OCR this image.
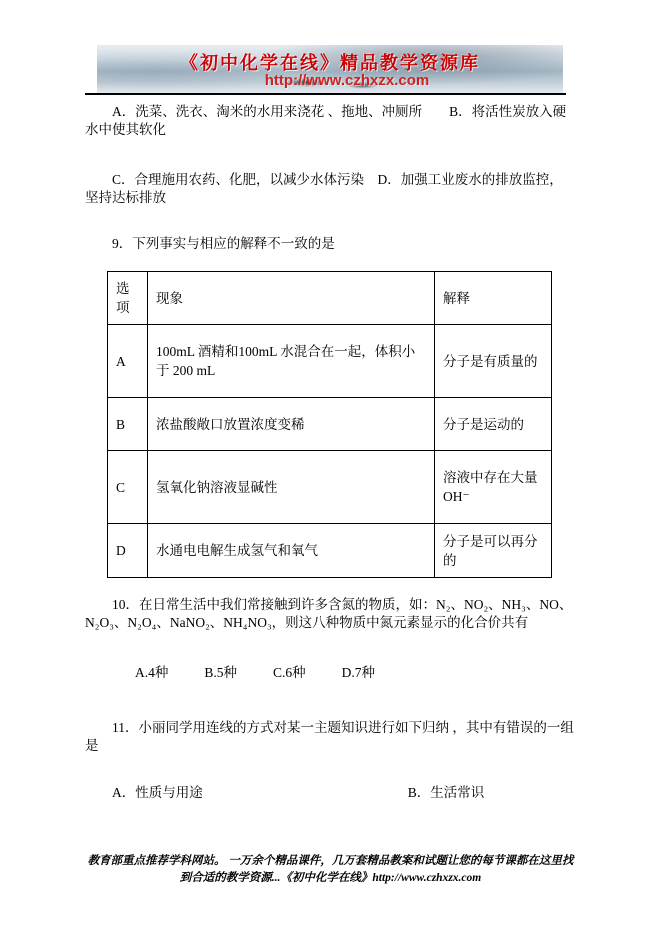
《初中化学在线》精品教学资源库
http://www.czhxzx.com

A．洗菜、洗衣、淘米的水用来浇花 、拖地、冲厕所　　B．将活性炭放入硬水中使其软化

C．合理施用农药、化肥，以减少水体污染　D．加强工业废水的排放监控，坚持达标排放

9．下列事实与相应的解释不一致的是

选项	现象	解释
A	100mL 酒精和100mL 水混合在一起，体积小于 200 mL	分子是有质量的
B	浓盐酸敞口放置浓度变稀	分子是运动的
C	氢氧化钠溶液显碱性	溶液中存在大量 OH⁻
D	水通电电解生成氢气和氧气	分子是可以再分的

10．在日常生活中我们常接触到许多含氮的物质，如：N₂、NO₂、NH₃、NO、N₂O₃、N₂O₄、NaNO₂、NH₄NO₃，则这八种物质中氮元素显示的化合价共有

A.4种	B.5种	C.6种	D.7种

11．小丽同学用连线的方式对某一主题知识进行如下归纳 ，其中有错误的一组是

A．性质与用途	B．生活常识
教育部重点推荐学科网站。 一万余个精品课件，几万套精品教案和试题让您的每节课都在这里找到合适的教学资源...《初中化学在线》http://www.czhxzx.com
